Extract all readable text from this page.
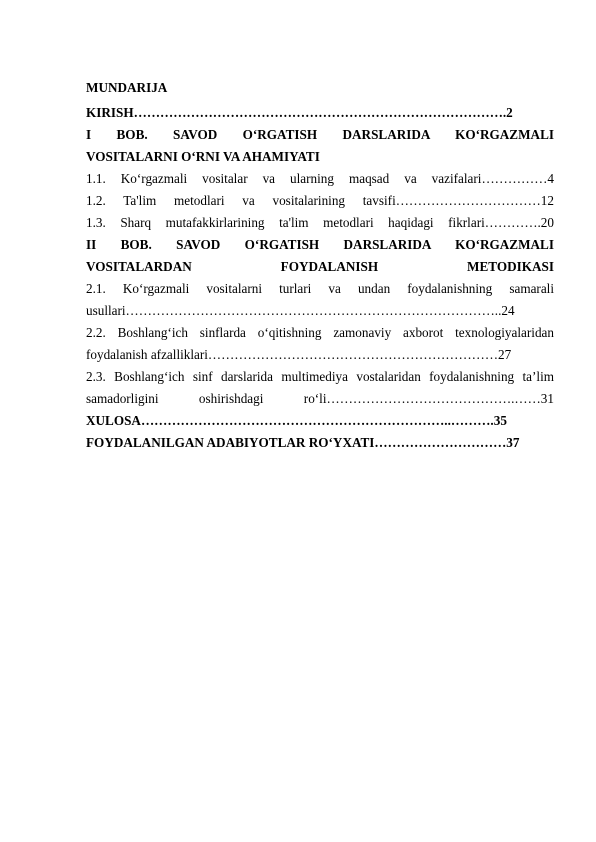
MUNDARIJA
KIRISH………………………………………………………………………….2
I BOB. SAVOD O‘RGATISH DARSLARIDA KO‘RGAZMALI
VOSITALARNI O‘RNI VA AHAMIYATI
1.1. Ko‘rgazmali vositalar va ularning maqsad va vazifalari……………4
1.2. Ta'lim metodlari va vositalarining tavsifi……………………………12
1.3. Sharq mutafakkirlarining ta'lim metodlari haqidagi fikrlari………….20
II BOB. SAVOD O‘RGATISH DARSLARIDA KO‘RGAZMALI
VOSITALARDAN FOYDALANISH METODIKASI
2.1. Ko‘rgazmali vositalarni turlari va undan foydalanishning samarali
usullari…………………………………………………………………………..24
2.2. Boshlang‘ich sinflarda o‘qitishning zamonaviy axborot texnologiyalaridan
foydalanish afzalliklari…………………………………………………………27
2.3. Boshlang‘ich sinf darslarida multimediya vostalaridan foydalanishning ta’lim
samadorligini oshirishdagi ro‘li…………………………………….……31
XULOSA……………………………………………………………..……….35
FOYDALANILGAN ADABIYOTLAR RO‘YXATI…………………………37
